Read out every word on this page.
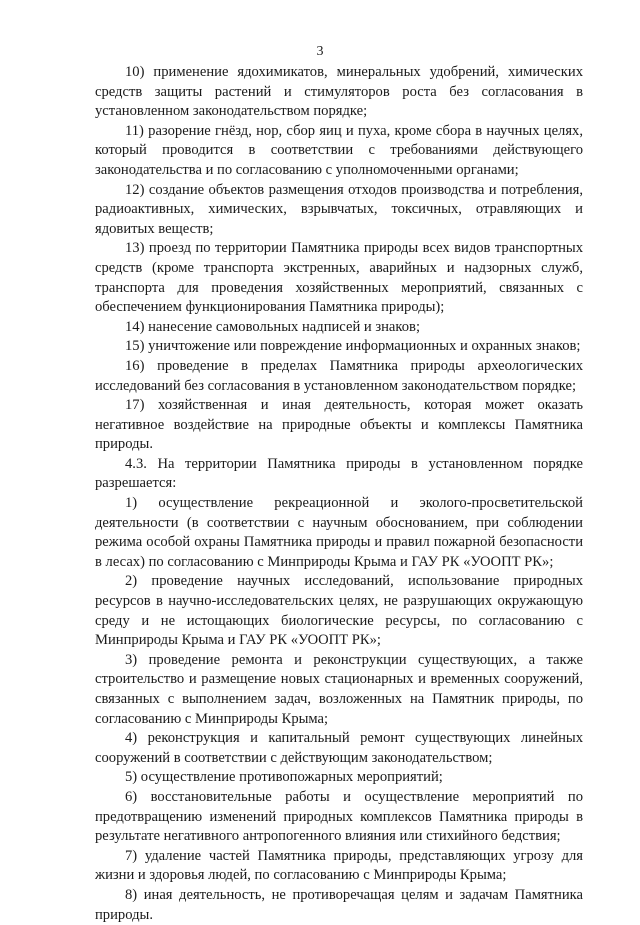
3

10) применение ядохимикатов, минеральных удобрений, химических средств защиты растений и стимуляторов роста без согласования в установленном законодательством порядке;

11) разорение гнёзд, нор, сбор яиц и пуха, кроме сбора в научных целях, который проводится в соответствии с требованиями действующего законодательства и по согласованию с уполномоченными органами;

12) создание объектов размещения отходов производства и потребления, радиоактивных, химических, взрывчатых, токсичных, отравляющих и ядовитых веществ;

13) проезд по территории Памятника природы всех видов транспортных средств (кроме транспорта экстренных, аварийных и надзорных служб, транспорта для проведения хозяйственных мероприятий, связанных с обеспечением функционирования Памятника природы);

14) нанесение самовольных надписей и знаков;

15) уничтожение или повреждение информационных и охранных знаков;

16) проведение в пределах Памятника природы археологических исследований без согласования в установленном законодательством порядке;

17) хозяйственная и иная деятельность, которая может оказать негативное воздействие на природные объекты и комплексы Памятника природы.

4.3. На территории Памятника природы в установленном порядке разрешается:

1) осуществление рекреационной и эколого-просветительской деятельности (в соответствии с научным обоснованием, при соблюдении режима особой охраны Памятника природы и правил пожарной безопасности в лесах) по согласованию с Минприроды Крыма и ГАУ РК «УООПТ РК»;

2) проведение научных исследований, использование природных ресурсов в научно-исследовательских целях, не разрушающих окружающую среду и не истощающих биологические ресурсы, по согласованию с Минприроды Крыма и ГАУ РК «УООПТ РК»;

3) проведение ремонта и реконструкции существующих, а также строительство и размещение новых стационарных и временных сооружений, связанных с выполнением задач, возложенных на Памятник природы, по согласованию с Минприроды Крыма;

4) реконструкция и капитальный ремонт существующих линейных сооружений в соответствии с действующим законодательством;

5) осуществление противопожарных мероприятий;

6) восстановительные работы и осуществление мероприятий по предотвращению изменений природных комплексов Памятника природы в результате негативного антропогенного влияния или стихийного бедствия;

7) удаление частей Памятника природы, представляющих угрозу для жизни и здоровья людей, по согласованию с Минприроды Крыма;

8) иная деятельность, не противоречащая целям и задачам Памятника природы.
